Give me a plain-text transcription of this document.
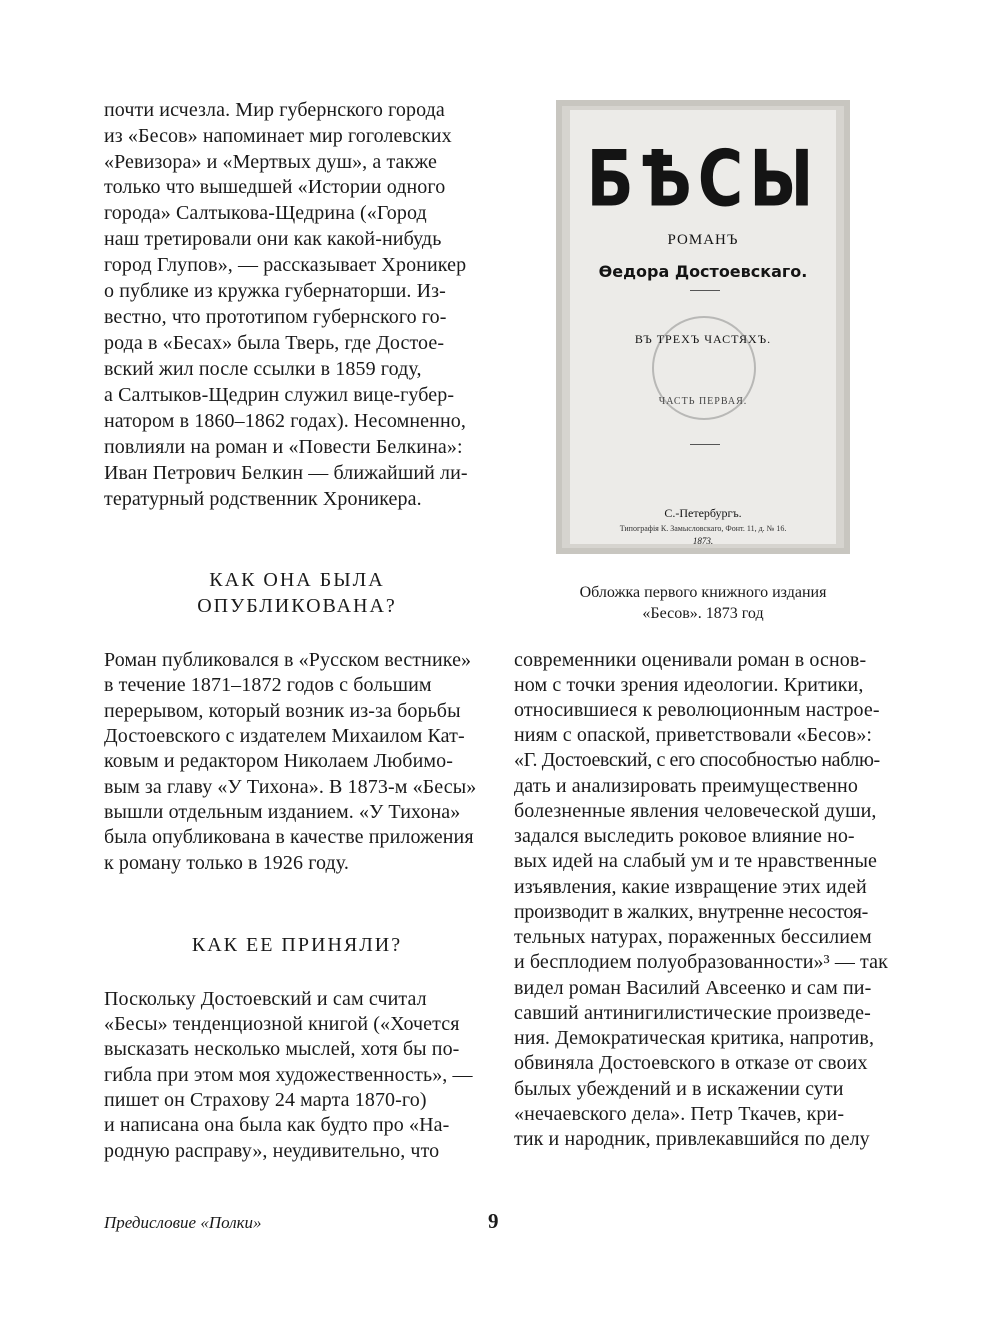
почти исчезла. Мир губернского города
из «Бесов» напоминает мир гоголевских
«Ревизора» и «Мертвых душ», а также
только что вышедшей «Истории одного
города» Салтыкова-Щедрина («Город
наш третировали они как какой-нибудь
город Глупов», — рассказывает Хроникер
о публике из кружка губернаторши. Из-
вестно, что прототипом губернского го-
рода в «Бесах» была Тверь, где Достое-
вский жил после ссылки в 1859 году,
а Салтыков-Щедрин служил вице-губер-
натором в 1860–1862 годах). Несомненно,
повлияли на роман и «Повести Белкина»:
Иван Петрович Белкин — ближайший ли-
тературный родственник Хроникера.
КАК ОНА БЫЛА
ОПУБЛИКОВАНА?
Роман публиковался в «Русском вестнике»
в течение 1871–1872 годов с большим
перерывом, который возник из-за борьбы
Достоевского с издателем Михаилом Кат-
ковым и редактором Николаем Любимо-
вым за главу «У Тихона». В 1873-м «Бесы»
вышли отдельным изданием. «У Тихона»
была опубликована в качестве приложения
к роману только в 1926 году.
КАК ЕЕ ПРИНЯЛИ?
Поскольку Достоевский и сам считал
«Бесы» тенденциозной книгой («Хочется
высказать несколько мыслей, хотя бы по-
гибла при этом моя художественность», —
пишет он Страхову 24 марта 1870-го)
и написана она была как будто про «На-
родную расправу», неудивительно, что
БѢСЫ
РОМАНЪ
Ѳедора Достоевскаго.
ВЪ ТРЕХЪ ЧАСТЯХЪ.
ЧАСТЬ ПЕРВАЯ.
С.-Петербургъ.
Типографія К. Замысловскаго, Фонт. 11, д. № 16.
1873.
Обложка первого книжного издания
«Бесов». 1873 год
современники оценивали роман в основ-
ном с точки зрения идеологии. Критики,
относившиеся к революционным настрое-
ниям с опаской, приветствовали «Бесов»:
«Г. Достоевский, с его способностью наблю-
дать и анализировать преимущественно
болезненные явления человеческой души,
задался выследить роковое влияние но-
вых идей на слабый ум и те нравственные
изъявления, какие извращение этих идей
производит в жалких, внутренне несостоя-
тельных натурах, пораженных бессилием
и бесплодием полуобразованности»³ — так
видел роман Василий Авсеенко и сам пи-
савший антинигилистические произведе-
ния. Демократическая критика, напротив,
обвиняла Достоевского в отказе от своих
былых убеждений и в искажении сути
«нечаевского дела». Петр Ткачев, кри-
тик и народник, привлекавшийся по делу
Предисловие «Полки»	9
